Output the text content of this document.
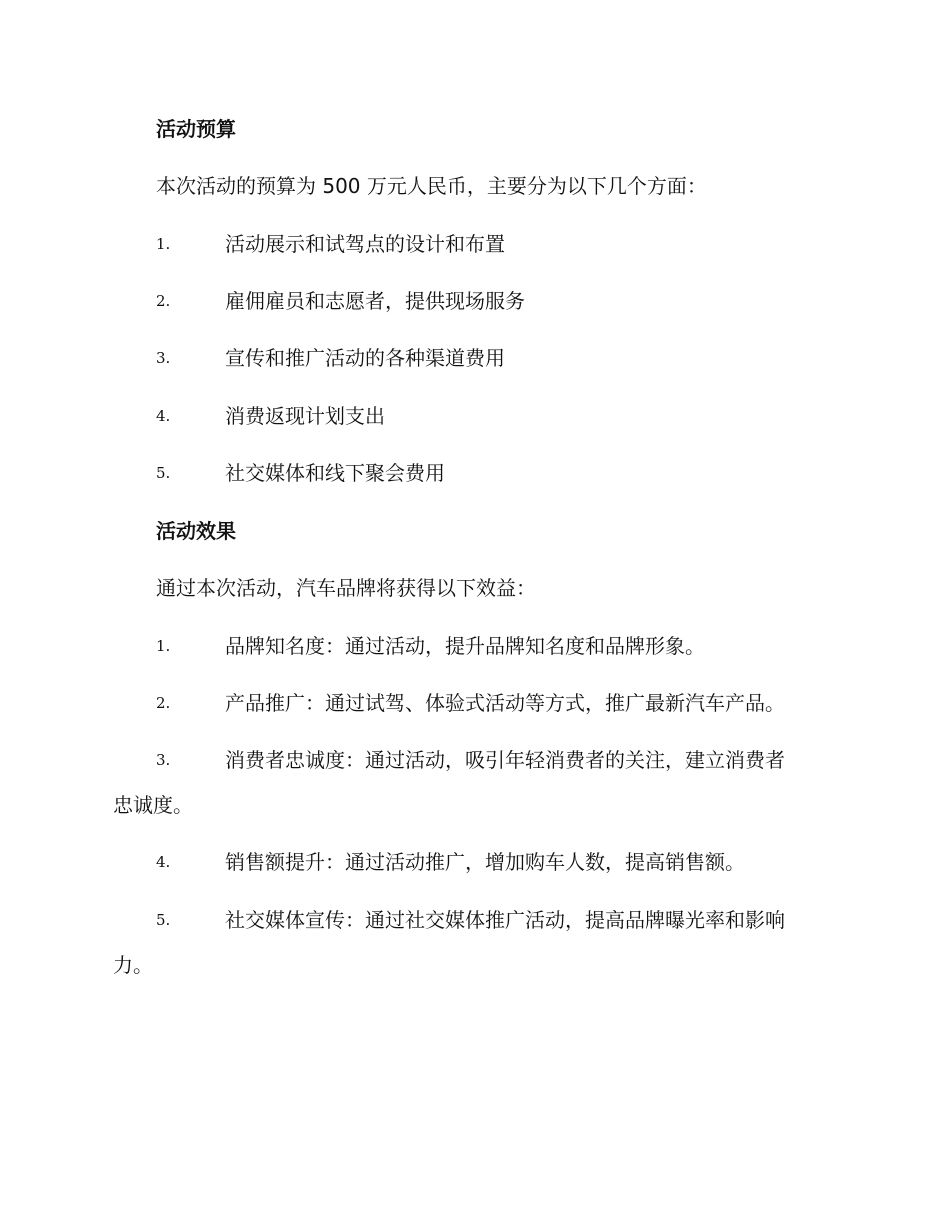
活动预算
本次活动的预算为 500 万元人民币，主要分为以下几个方面：
1.	活动展示和试驾点的设计和布置
2.	雇佣雇员和志愿者，提供现场服务
3.	宣传和推广活动的各种渠道费用
4.	消费返现计划支出
5.	社交媒体和线下聚会费用
活动效果
通过本次活动，汽车品牌将获得以下效益：
1.	品牌知名度：通过活动，提升品牌知名度和品牌形象。
2.	产品推广：通过试驾、体验式活动等方式，推广最新汽车产品。
3.	消费者忠诚度：通过活动，吸引年轻消费者的关注，建立消费者
忠诚度。
4.	销售额提升：通过活动推广，增加购车人数，提高销售额。
5.	社交媒体宣传：通过社交媒体推广活动，提高品牌曝光率和影响
力。
